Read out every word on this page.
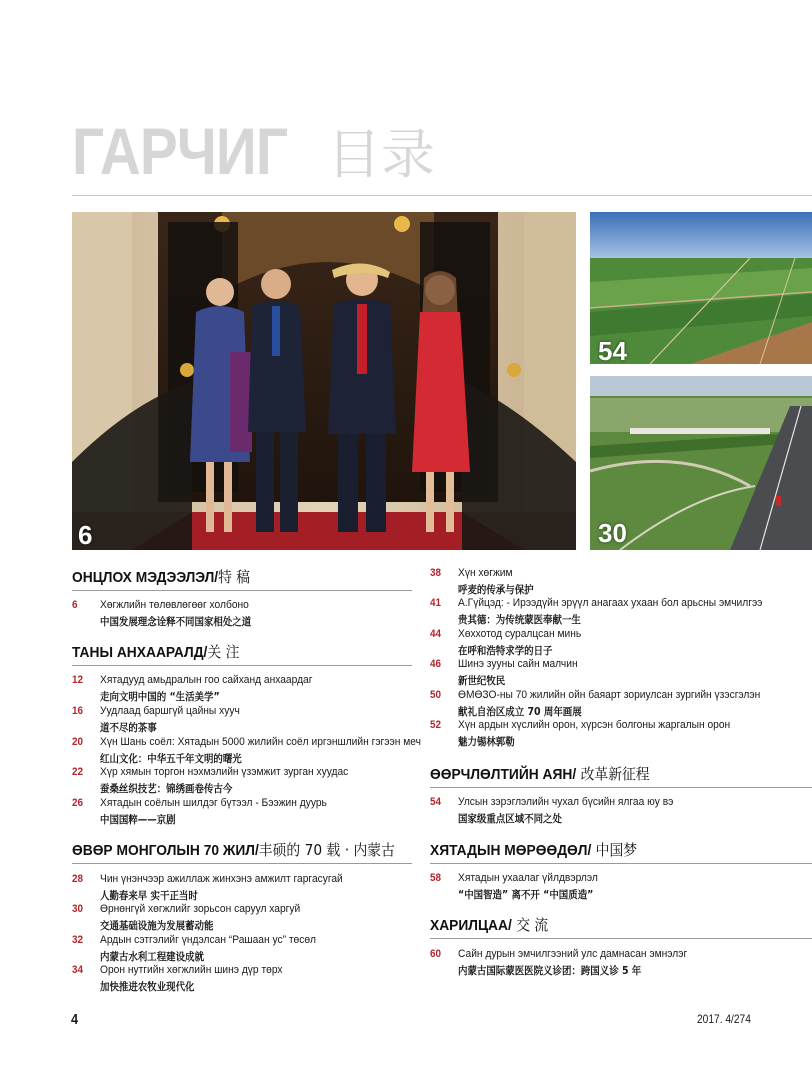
ГАРЧИГ 目录
6
54
30
ОНЦЛОХ МЭДЭЭЛЭЛ/特 稿
6 Хөгжлийн төлөвлөгөөг холбоно
中国发展理念诠释不同国家相处之道
ТАНЫ АНХААРАЛД/关 注
12 Хятадууд амьдралын гоо сайханд анхаардаг
走向文明中国的 “生活美学”
16 Уудлаад баршгүй цайны хууч
道不尽的茶事
20 Хүн Шань соёл: Хятадын 5000 жилийн соёл иргэншлийн гэгээн меч
红山文化：中华五千年文明的曙光
22 Хүр хямын торгон нэхмэлийн үзэмжит зурган хуудас
蚕桑丝织技艺：锦绣画卷传古今
26 Хятадын соёлын шилдэг бүтээл - Бээжин дуурь
中国国粹——京剧
ӨВӨР МОНГОЛЫН 70 ЖИЛ/丰硕的 70 载 · 内蒙古
28 Чин үнэнчээр ажиллаж жинхэнэ амжилт гаргасугай
人勤春来早 实干正当时
30 Өрнөнгүй хөгжлийг зорьсон саруул харгуй
交通基础设施为发展蓄动能
32 Ардын сэтгэлийг үндэлсан “Рашаан ус” төсөл
内蒙古水利工程建设成就
34 Орон нутгийн хөгжлийн шинэ дүр төрх
加快推进农牧业现代化
38 Хүн хөгжим
呼麦的传承与保护
41 А.Гүйцэд: - Ирээдүйн эрүүл анагаах ухаан бол арьсны эмчилгээ
贵其德：为传统蒙医奉献一生
44 Хөххотод суралцсан минь
在呼和浩特求学的日子
46 Шинэ зууны сайн малчин
新世纪牧民
50 ӨМӨЗО-ны 70 жилийн ойн баяарт зориулсан зургийн үзэсгэлэн
献礼自治区成立 70 周年画展
52 Хүн ардын хүслийн орон, хүрсэн болгоны жаргалын орон
魅力锡林郭勒
ӨӨРЧЛӨЛТИЙН АЯН/ 改革新征程
54 Улсын зэрэглэлийн чухал бүсийн ялгаа юу вэ
国家级重点区域不同之处
ХЯТАДЫН МӨРӨӨДӨЛ/ 中国梦
58 Хятадын ухаалаг үйлдвэрлэл
“中国智造” 离不开 “中国质造”
ХАРИЛЦАА/ 交 流
60 Сайн дурын эмчилгээний улс дамнасан эмнэлэг
内蒙古国际蒙医医院义诊团：跨国义诊 5 年
4	2017. 4/274
